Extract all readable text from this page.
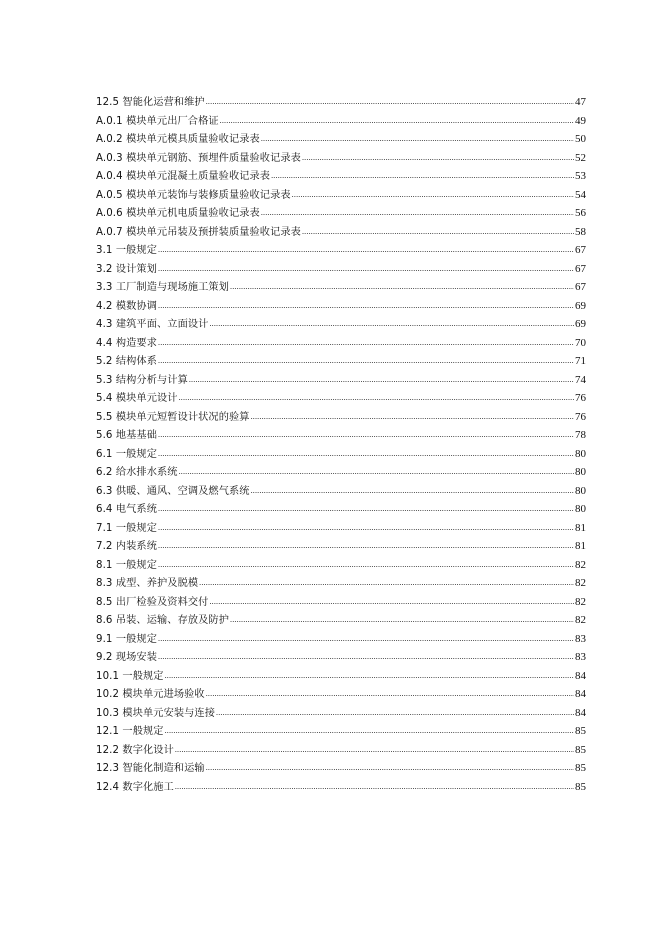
12.5 智能化运营和维护 .....	47
A.0.1 模块单元出厂合格证 .....	49
A.0.2 模块单元模具质量验收记录表 .....	50
A.0.3 模块单元钢筋、预埋件质量验收记录表 .....	52
A.0.4 模块单元混凝土质量验收记录表 .....	53
A.0.5 模块单元装饰与装修质量验收记录表 .....	54
A.0.6 模块单元机电质量验收记录表 .....	56
A.0.7 模块单元吊装及预拼装质量验收记录表 .....	58
3.1 一般规定 .....	67
3.2 设计策划 .....	67
3.3 工厂制造与现场施工策划 .....	67
4.2 模数协调 .....	69
4.3 建筑平面、立面设计 .....	69
4.4 构造要求 .....	70
5.2 结构体系 .....	71
5.3 结构分析与计算 .....	74
5.4 模块单元设计 .....	76
5.5 模块单元短暂设计状况的验算 .....	76
5.6 地基基础 .....	78
6.1 一般规定 .....	80
6.2 给水排水系统 .....	80
6.3 供暖、通风、空调及燃气系统 .....	80
6.4 电气系统 .....	80
7.1 一般规定 .....	81
7.2 内装系统 .....	81
8.1 一般规定 .....	82
8.3 成型、养护及脱模 .....	82
8.5 出厂检验及资料交付 .....	82
8.6 吊装、运输、存放及防护 .....	82
9.1 一般规定 .....	83
9.2 现场安装 .....	83
10.1 一般规定 .....	84
10.2 模块单元进场验收 .....	84
10.3 模块单元安装与连接 .....	84
12.1 一般规定 .....	85
12.2 数字化设计 .....	85
12.3 智能化制造和运输 .....	85
12.4 数字化施工 .....	85
